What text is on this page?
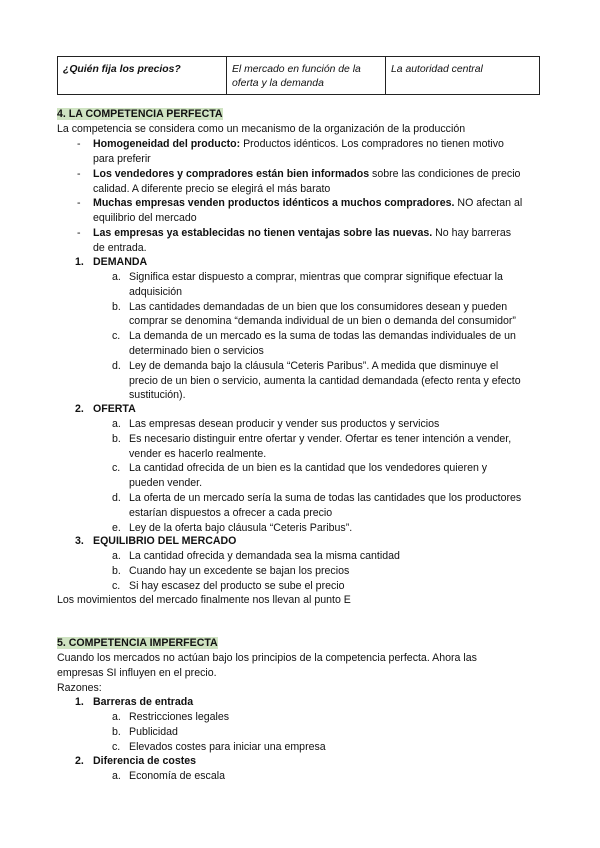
¿Quién fija los precios?	El mercado en función de la
oferta y la demanda	La autoridad central
4. LA COMPETENCIA PERFECTA
La competencia se considera como un mecanismo de la organización de la producción
- Homogeneidad del producto: Productos idénticos. Los compradores no tienen motivo
para preferir
- Los vendedores y compradores están bien informados sobre las condiciones de precio
calidad. A diferente precio se elegirá el más barato
- Muchas empresas venden productos idénticos a muchos compradores. NO afectan al
equilibrio del mercado
- Las empresas ya establecidas no tienen ventajas sobre las nuevas. No hay barreras
de entrada.
1. DEMANDA
a. Significa estar dispuesto a comprar, mientras que comprar signifique efectuar la
adquisición
b. Las cantidades demandadas de un bien que los consumidores desean y pueden
comprar se denomina “demanda individual de un bien o demanda del consumidor”
c. La demanda de un mercado es la suma de todas las demandas individuales de un
determinado bien o servicios
d. Ley de demanda bajo la cláusula “Ceteris Paribus”. A medida que disminuye el
precio de un bien o servicio, aumenta la cantidad demandada (efecto renta y efecto
sustitución).
2. OFERTA
a. Las empresas desean producir y vender sus productos y servicios
b. Es necesario distinguir entre ofertar y vender. Ofertar es tener intención a vender,
vender es hacerlo realmente.
c. La cantidad ofrecida de un bien es la cantidad que los vendedores quieren y
pueden vender.
d. La oferta de un mercado sería la suma de todas las cantidades que los productores
estarían dispuestos a ofrecer a cada precio
e. Ley de la oferta bajo cláusula “Ceteris Paribus”.
3. EQUILIBRIO DEL MERCADO
a. La cantidad ofrecida y demandada sea la misma cantidad
b. Cuando hay un excedente se bajan los precios
c. Si hay escasez del producto se sube el precio
Los movimientos del mercado finalmente nos llevan al punto E
5. COMPETENCIA IMPERFECTA
Cuando los mercados no actúan bajo los principios de la competencia perfecta. Ahora las
empresas SI influyen en el precio.
Razones:
1. Barreras de entrada
a. Restricciones legales
b. Publicidad
c. Elevados costes para iniciar una empresa
2. Diferencia de costes
a. Economía de escala
